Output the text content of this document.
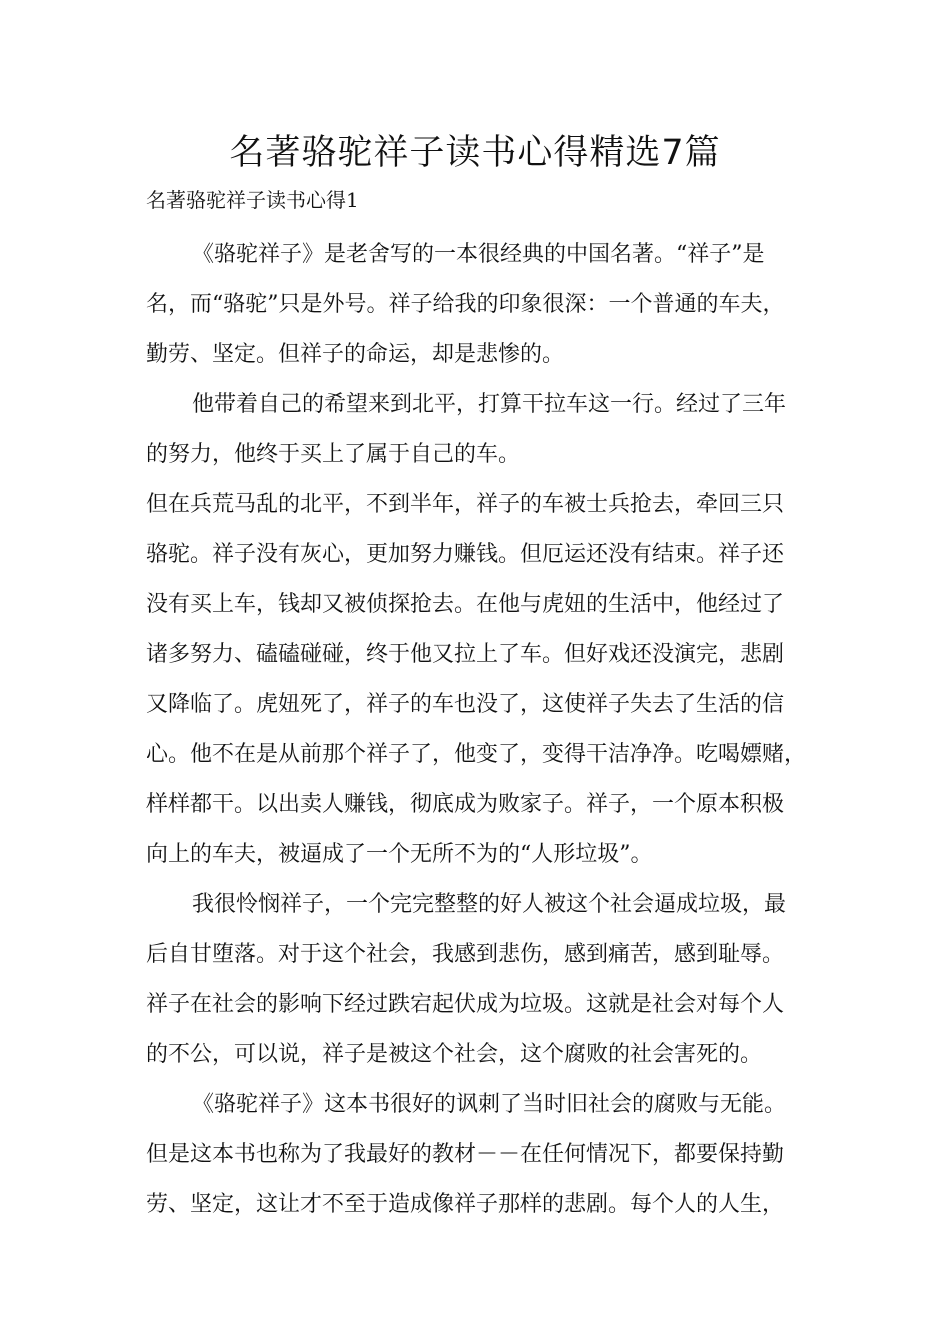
名著骆驼祥子读书心得精选7篇
名著骆驼祥子读书心得1
《骆驼祥子》是老舍写的一本很经典的中国名著。“祥子”是
名，而“骆驼”只是外号。祥子给我的印象很深：一个普通的车夫，
勤劳、坚定。但祥子的命运，却是悲惨的。
他带着自己的希望来到北平，打算干拉车这一行。经过了三年
的努力，他终于买上了属于自己的车。
但在兵荒马乱的北平，不到半年，祥子的车被士兵抢去，牵回三只
骆驼。祥子没有灰心，更加努力赚钱。但厄运还没有结束。祥子还
没有买上车，钱却又被侦探抢去。在他与虎妞的生活中，他经过了
诸多努力、磕磕碰碰，终于他又拉上了车。但好戏还没演完，悲剧
又降临了。虎妞死了，祥子的车也没了，这使祥子失去了生活的信
心。他不在是从前那个祥子了，他变了，变得干洁净净。吃喝嫖赌，
样样都干。以出卖人赚钱，彻底成为败家子。祥子，一个原本积极
向上的车夫，被逼成了一个无所不为的“人形垃圾”。
我很怜悯祥子，一个完完整整的好人被这个社会逼成垃圾，最
后自甘堕落。对于这个社会，我感到悲伤，感到痛苦，感到耻辱。
祥子在社会的影响下经过跌宕起伏成为垃圾。这就是社会对每个人
的不公，可以说，祥子是被这个社会，这个腐败的社会害死的。
《骆驼祥子》这本书很好的讽刺了当时旧社会的腐败与无能。
但是这本书也称为了我最好的教材－－在任何情况下，都要保持勤
劳、坚定，这让才不至于造成像祥子那样的悲剧。每个人的人生，
